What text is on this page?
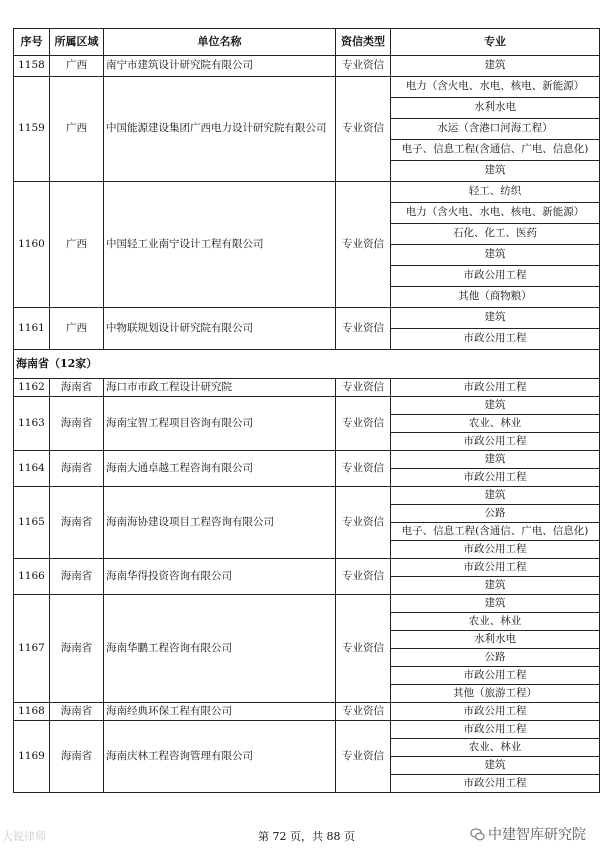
序号	所属区域	单位名称	资信类型	专业
1158	广西	南宁市建筑设计研究院有限公司	专业资信	建筑
1159	广西	中国能源建设集团广西电力设计研究院有限公司	专业资信	电力（含火电、水电、核电、新能源）
				水利水电
				水运（含港口河海工程）
				电子、信息工程(含通信、广电、信息化)
				建筑
1160	广西	中国轻工业南宁设计工程有限公司	专业资信	轻工、纺织
				电力（含火电、水电、核电、新能源）
				石化、化工、医药
				建筑
				市政公用工程
				其他（商物粮）
1161	广西	中物联规划设计研究院有限公司	专业资信	建筑
				市政公用工程
海南省（12家）				
1162	海南省	海口市市政工程设计研究院	专业资信	市政公用工程
1163	海南省	海南宝智工程项目咨询有限公司	专业资信	建筑
				农业、林业
				市政公用工程
1164	海南省	海南大通卓越工程咨询有限公司	专业资信	建筑
				市政公用工程
1165	海南省	海南海协建设项目工程咨询有限公司	专业资信	建筑
				公路
				电子、信息工程(含通信、广电、信息化)
				市政公用工程
1166	海南省	海南华得投资咨询有限公司	专业资信	市政公用工程
				建筑
1167	海南省	海南华鹏工程咨询有限公司	专业资信	建筑
				农业、林业
				水利水电
				公路
				市政公用工程
				其他（旅游工程）
1168	海南省	海南经典环保工程有限公司	专业资信	市政公用工程
1169	海南省	海南庆林工程咨询管理有限公司	专业资信	市政公用工程
				农业、林业
				建筑
				市政公用工程
大锐律师	第 72 页，共 88 页	中建智库研究院
